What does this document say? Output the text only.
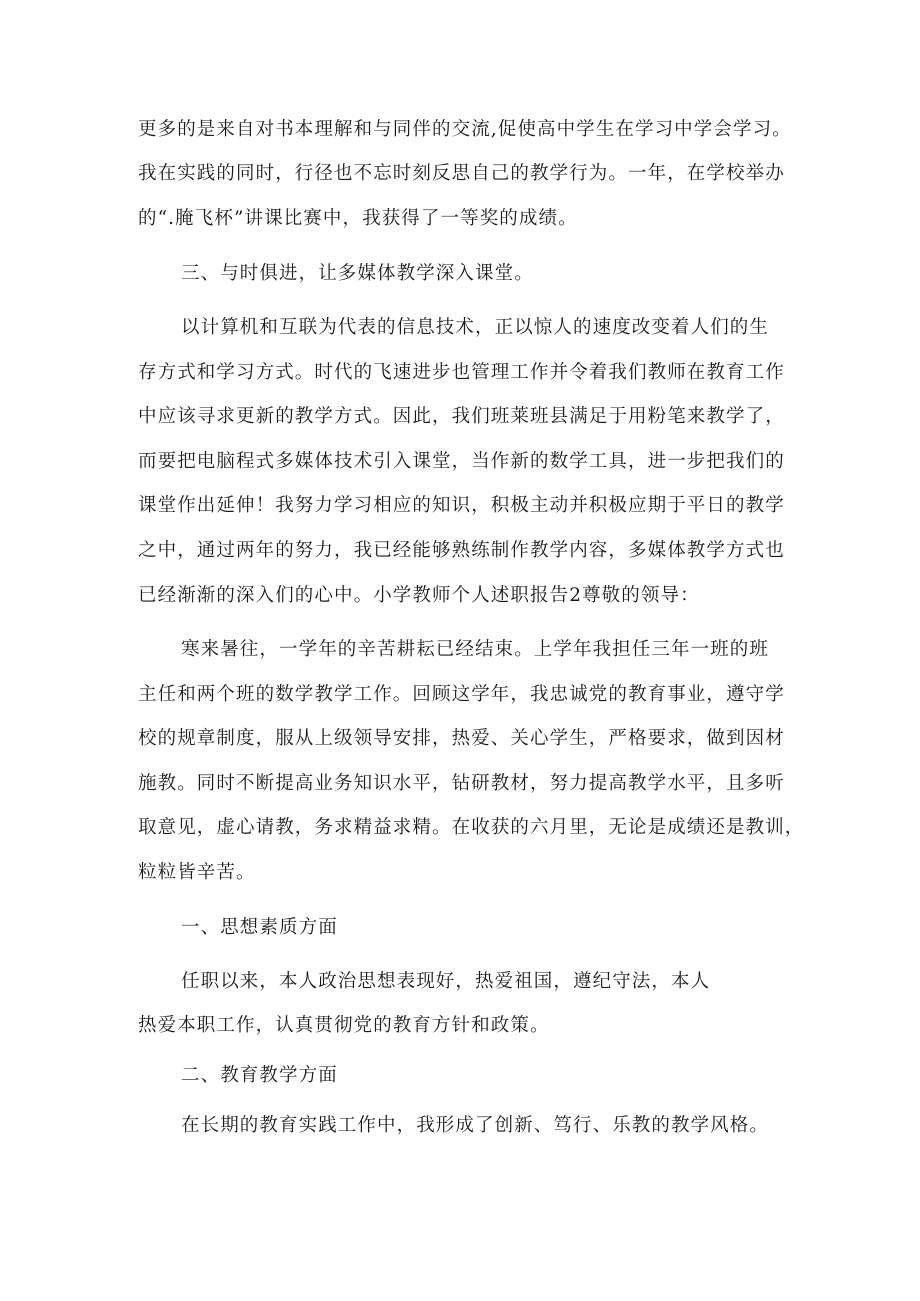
更多的是来自对书本理解和与同伴的交流,促使高中学生在学习中学会学习。
我在实践的同时，行径也不忘时刻反思自己的教学行为。一年，在学校举办
的“.腌飞杯”讲课比赛中，我获得了一等奖的成绩。
三、与时俱进，让多媒体教学深入课堂。
以计算机和互联为代表的信息技术，正以惊人的速度改变着人们的生
存方式和学习方式。时代的飞速进步也管理工作并令着我们教师在教育工作
中应该寻求更新的教学方式。因此，我们班莱班县满足于用粉笔来教学了，
而要把电脑程式多媒体技术引入课堂，当作新的数学工具，进一步把我们的
课堂作出延伸！我努力学习相应的知识，积极主动并积极应期于平日的教学
之中，通过两年的努力，我已经能够熟练制作教学内容，多媒体教学方式也
已经渐渐的深入们的心中。小学教师个人述职报告2尊敬的领导：
寒来暑往，一学年的辛苦耕耘已经结束。上学年我担任三年一班的班
主任和两个班的数学教学工作。回顾这学年，我忠诚党的教育事业，遵守学
校的规章制度，服从上级领导安排，热爱、关心学生，严格要求，做到因材
施教。同时不断提高业务知识水平，钻研教材，努力提高教学水平，且多听
取意见，虚心请教，务求精益求精。在收获的六月里，无论是成绩还是教训，
粒粒皆辛苦。
一、思想素质方面
任职以来，本人政治思想表现好，热爱祖国，遵纪守法，本人
热爱本职工作，认真贯彻党的教育方针和政策。
二、教育教学方面
在长期的教育实践工作中，我形成了创新、笃行、乐教的教学风格。
